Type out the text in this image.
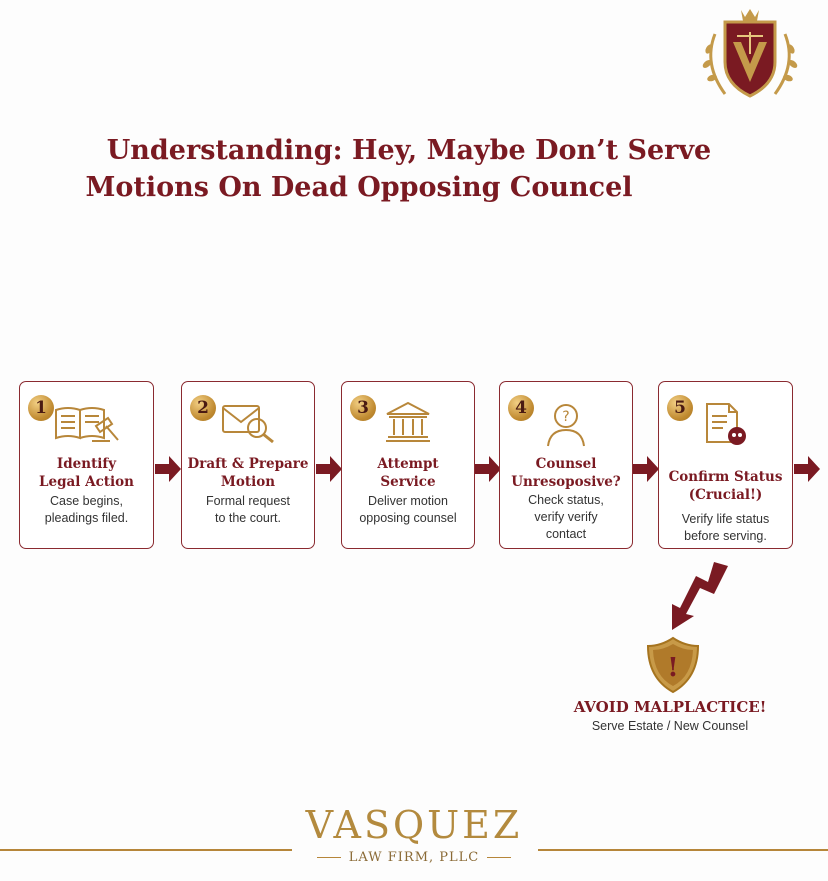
Understanding: Hey, Maybe Don’t Serve
Motions On Dead Opposing Councel
1
Identify
Legal Action
Case begins,
pleadings filed.
2
Draft & Prepare
Motion
Formal request
to the court.
3
Attempt
Service
Deliver motion
opposing counsel
4	?
Counsel
Unresoposive?
Check status,
verify verify
contact
5
Confirm Status
(Crucial!)
Verify life status
before serving.
!
AVOID MALPLACTICE!
Serve Estate / New Counsel
VASQUEZ
LAW FIRM, PLLC
